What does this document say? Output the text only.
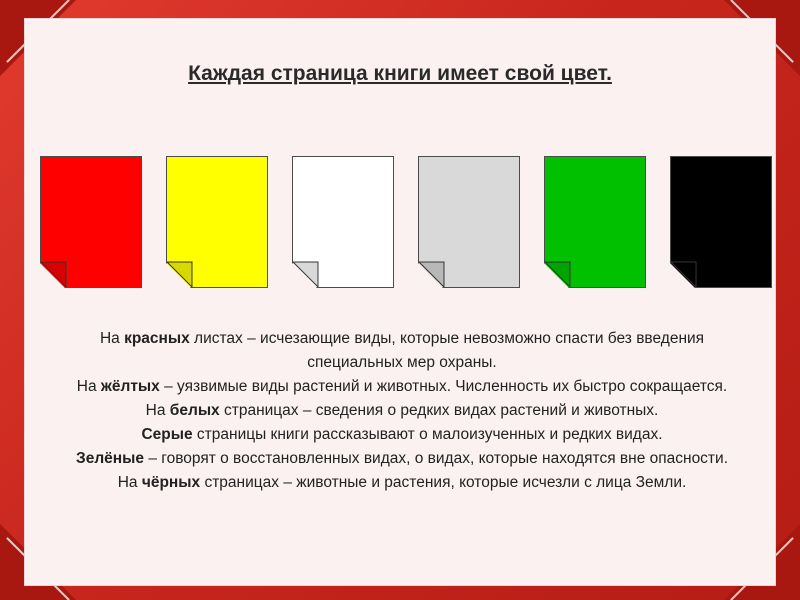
Каждая страница книги имеет свой цвет.

На красных листах – исчезающие виды, которые невозможно спасти без введения специальных мер охраны.

На жёлтых – уязвимые виды растений и животных. Численность их быстро сокращается.

На белых страницах – сведения о редких видах растений и животных.

Серые страницы книги рассказывают о малоизученных и редких видах.

Зелёные – говорят о восстановленных видах, о видах, которые находятся вне опасности.

На чёрных страницах – животные и растения, которые исчезли с лица Земли.
